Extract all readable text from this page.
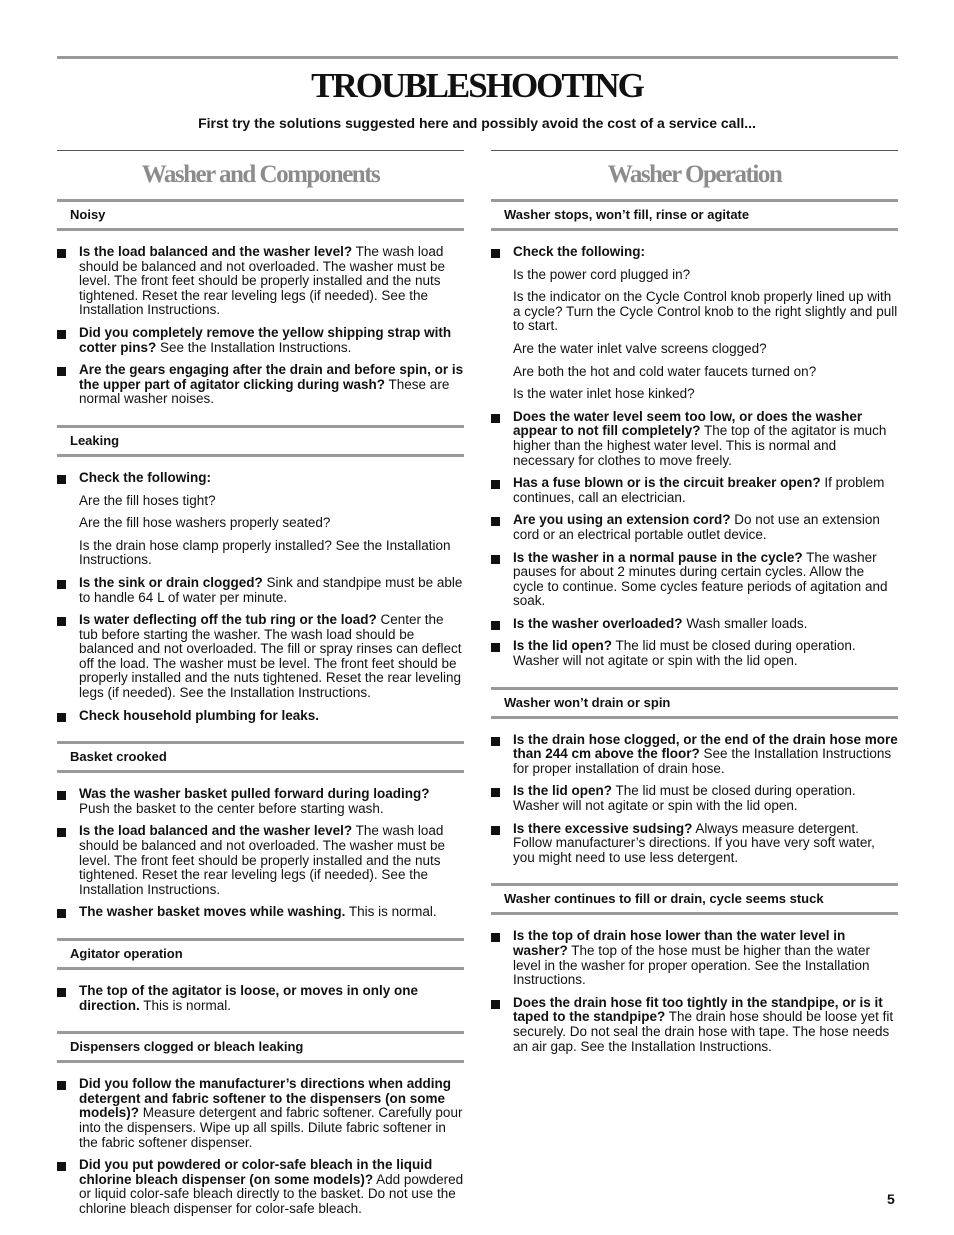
TROUBLESHOOTING
First try the solutions suggested here and possibly avoid the cost of a service call...
Washer and Components
Noisy
Is the load balanced and the washer level? The wash load should be balanced and not overloaded. The washer must be level. The front feet should be properly installed and the nuts tightened. Reset the rear leveling legs (if needed). See the Installation Instructions.
Did you completely remove the yellow shipping strap with cotter pins? See the Installation Instructions.
Are the gears engaging after the drain and before spin, or is the upper part of agitator clicking during wash? These are normal washer noises.
Leaking
Check the following:
Are the fill hoses tight?
Are the fill hose washers properly seated?
Is the drain hose clamp properly installed? See the Installation Instructions.
Is the sink or drain clogged? Sink and standpipe must be able to handle 64 L of water per minute.
Is water deflecting off the tub ring or the load? Center the tub before starting the washer. The wash load should be balanced and not overloaded. The fill or spray rinses can deflect off the load. The washer must be level. The front feet should be properly installed and the nuts tightened. Reset the rear leveling legs (if needed). See the Installation Instructions.
Check household plumbing for leaks.
Basket crooked
Was the washer basket pulled forward during loading? Push the basket to the center before starting wash.
Is the load balanced and the washer level? The wash load should be balanced and not overloaded. The washer must be level. The front feet should be properly installed and the nuts tightened. Reset the rear leveling legs (if needed). See the Installation Instructions.
The washer basket moves while washing. This is normal.
Agitator operation
The top of the agitator is loose, or moves in only one direction. This is normal.
Dispensers clogged or bleach leaking
Did you follow the manufacturer’s directions when adding detergent and fabric softener to the dispensers (on some models)? Measure detergent and fabric softener. Carefully pour into the dispensers. Wipe up all spills. Dilute fabric softener in the fabric softener dispenser.
Did you put powdered or color-safe bleach in the liquid chlorine bleach dispenser (on some models)? Add powdered or liquid color-safe bleach directly to the basket. Do not use the chlorine bleach dispenser for color-safe bleach.
Washer Operation
Washer stops, won’t fill, rinse or agitate
Check the following:
Is the power cord plugged in?
Is the indicator on the Cycle Control knob properly lined up with a cycle? Turn the Cycle Control knob to the right slightly and pull to start.
Are the water inlet valve screens clogged?
Are both the hot and cold water faucets turned on?
Is the water inlet hose kinked?
Does the water level seem too low, or does the washer appear to not fill completely? The top of the agitator is much higher than the highest water level. This is normal and necessary for clothes to move freely.
Has a fuse blown or is the circuit breaker open? If problem continues, call an electrician.
Are you using an extension cord? Do not use an extension cord or an electrical portable outlet device.
Is the washer in a normal pause in the cycle? The washer pauses for about 2 minutes during certain cycles. Allow the cycle to continue. Some cycles feature periods of agitation and soak.
Is the washer overloaded? Wash smaller loads.
Is the lid open? The lid must be closed during operation. Washer will not agitate or spin with the lid open.
Washer won’t drain or spin
Is the drain hose clogged, or the end of the drain hose more than 244 cm above the floor? See the Installation Instructions for proper installation of drain hose.
Is the lid open? The lid must be closed during operation. Washer will not agitate or spin with the lid open.
Is there excessive sudsing? Always measure detergent. Follow manufacturer’s directions. If you have very soft water, you might need to use less detergent.
Washer continues to fill or drain, cycle seems stuck
Is the top of drain hose lower than the water level in washer? The top of the hose must be higher than the water level in the washer for proper operation. See the Installation Instructions.
Does the drain hose fit too tightly in the standpipe, or is it taped to the standpipe? The drain hose should be loose yet fit securely. Do not seal the drain hose with tape. The hose needs an air gap. See the Installation Instructions.
5
